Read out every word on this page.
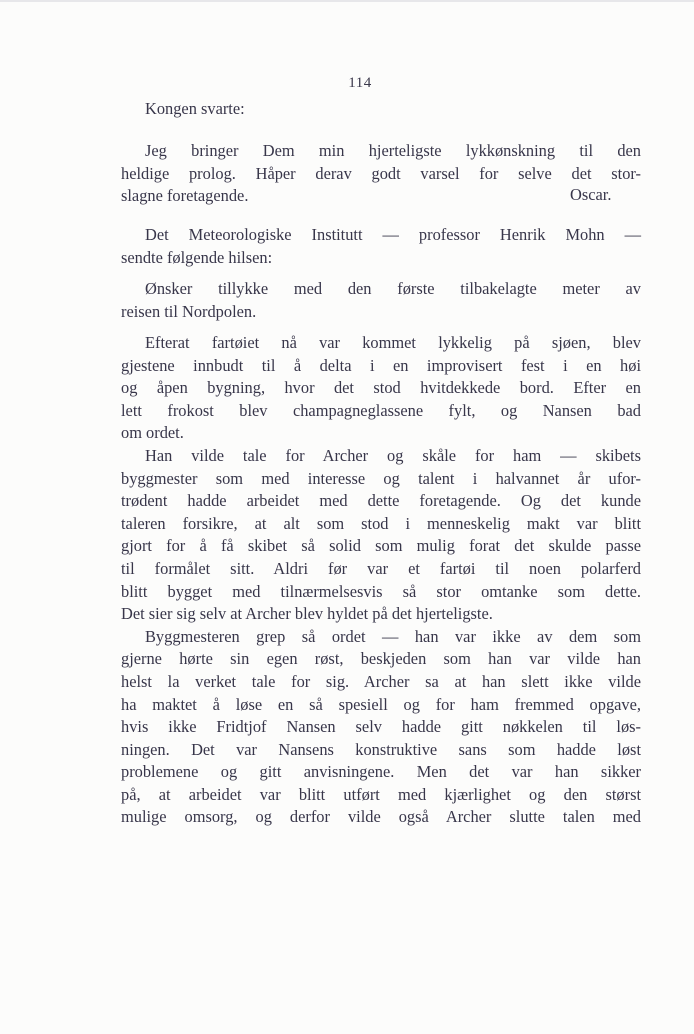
114
Kongen svarte:

Jeg bringer Dem min hjerteligste lykkønskning til den

heldige prolog. Håper derav godt varsel for selve det stor-

slagne foretagende.	Oscar.

Det Meteorologiske Institutt — professor Henrik Mohn —

sendte følgende hilsen:

Ønsker tillykke med den første tilbakelagte meter av

reisen til Nordpolen.

Efterat fartøiet nå var kommet lykkelig på sjøen, blev

gjestene innbudt til å delta i en improvisert fest i en høi

og åpen bygning, hvor det stod hvitdekkede bord. Efter en

lett frokost blev champagneglassene fylt, og Nansen bad

om ordet.

Han vilde tale for Archer og skåle for ham — skibets

byggmester som med interesse og talent i halvannet år ufor-

trødent hadde arbeidet med dette foretagende. Og det kunde

taleren forsikre, at alt som stod i menneskelig makt var blitt

gjort for å få skibet så solid som mulig forat det skulde passe

til formålet sitt. Aldri før var et fartøi til noen polarferd

blitt bygget med tilnærmelsesvis så stor omtanke som dette.

Det sier sig selv at Archer blev hyldet på det hjerteligste.

Byggmesteren grep så ordet — han var ikke av dem som

gjerne hørte sin egen røst, beskjeden som han var vilde han

helst la verket tale for sig. Archer sa at han slett ikke vilde

ha maktet å løse en så spesiell og for ham fremmed opgave,

hvis ikke Fridtjof Nansen selv hadde gitt nøkkelen til løs-

ningen. Det var Nansens konstruktive sans som hadde løst

problemene og gitt anvisningene. Men det var han sikker

på, at arbeidet var blitt utført med kjærlighet og den størst

mulige omsorg, og derfor vilde også Archer slutte talen med
